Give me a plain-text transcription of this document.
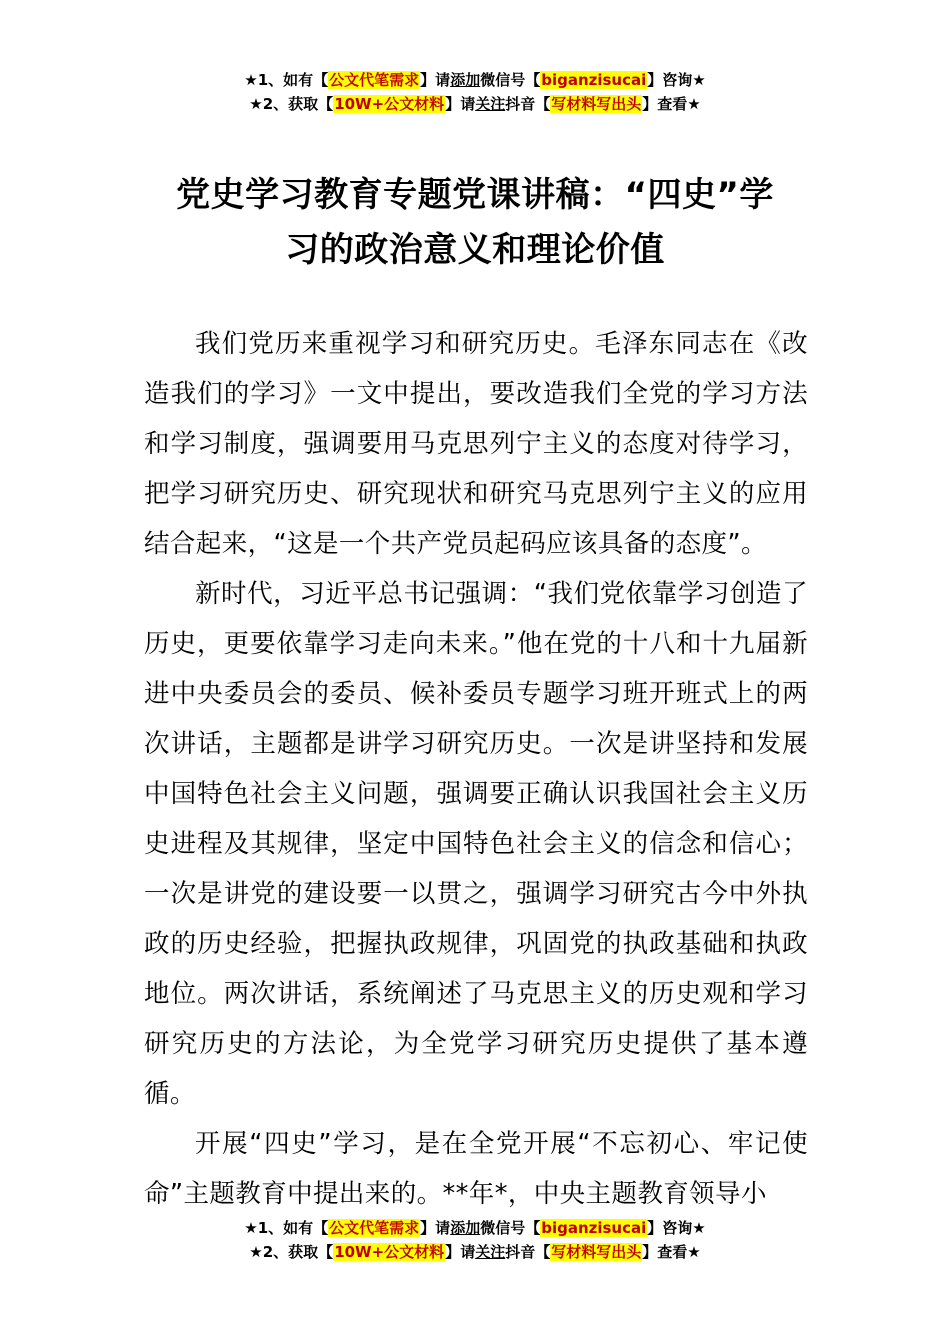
★1、如有【公文代笔需求】请添加微信号【biganzisucai】咨询★
★2、获取【10W+公文材料】请关注抖音【写材料写出头】查看★
党史学习教育专题党课讲稿：“四史”学
习的政治意义和理论价值

我们党历来重视学习和研究历史。毛泽东同志在《改造我们的学习》一文中提出，要改造我们全党的学习方法和学习制度，强调要用马克思列宁主义的态度对待学习，把学习研究历史、研究现状和研究马克思列宁主义的应用结合起来，“这是一个共产党员起码应该具备的态度”。

新时代，习近平总书记强调：“我们党依靠学习创造了历史，更要依靠学习走向未来。”他在党的十八和十九届新进中央委员会的委员、候补委员专题学习班开班式上的两次讲话，主题都是讲学习研究历史。一次是讲坚持和发展中国特色社会主义问题，强调要正确认识我国社会主义历史进程及其规律，坚定中国特色社会主义的信念和信心；一次是讲党的建设要一以贯之，强调学习研究古今中外执政的历史经验，把握执政规律，巩固党的执政基础和执政地位。两次讲话，系统阐述了马克思主义的历史观和学习研究历史的方法论，为全党学习研究历史提供了基本遵循。

开展“四史”学习，是在全党开展“不忘初心、牢记使命”主题教育中提出来的。**年*，中央主题教育领导小

★1、如有【公文代笔需求】请添加微信号【biganzisucai】咨询★
★2、获取【10W+公文材料】请关注抖音【写材料写出头】查看★
